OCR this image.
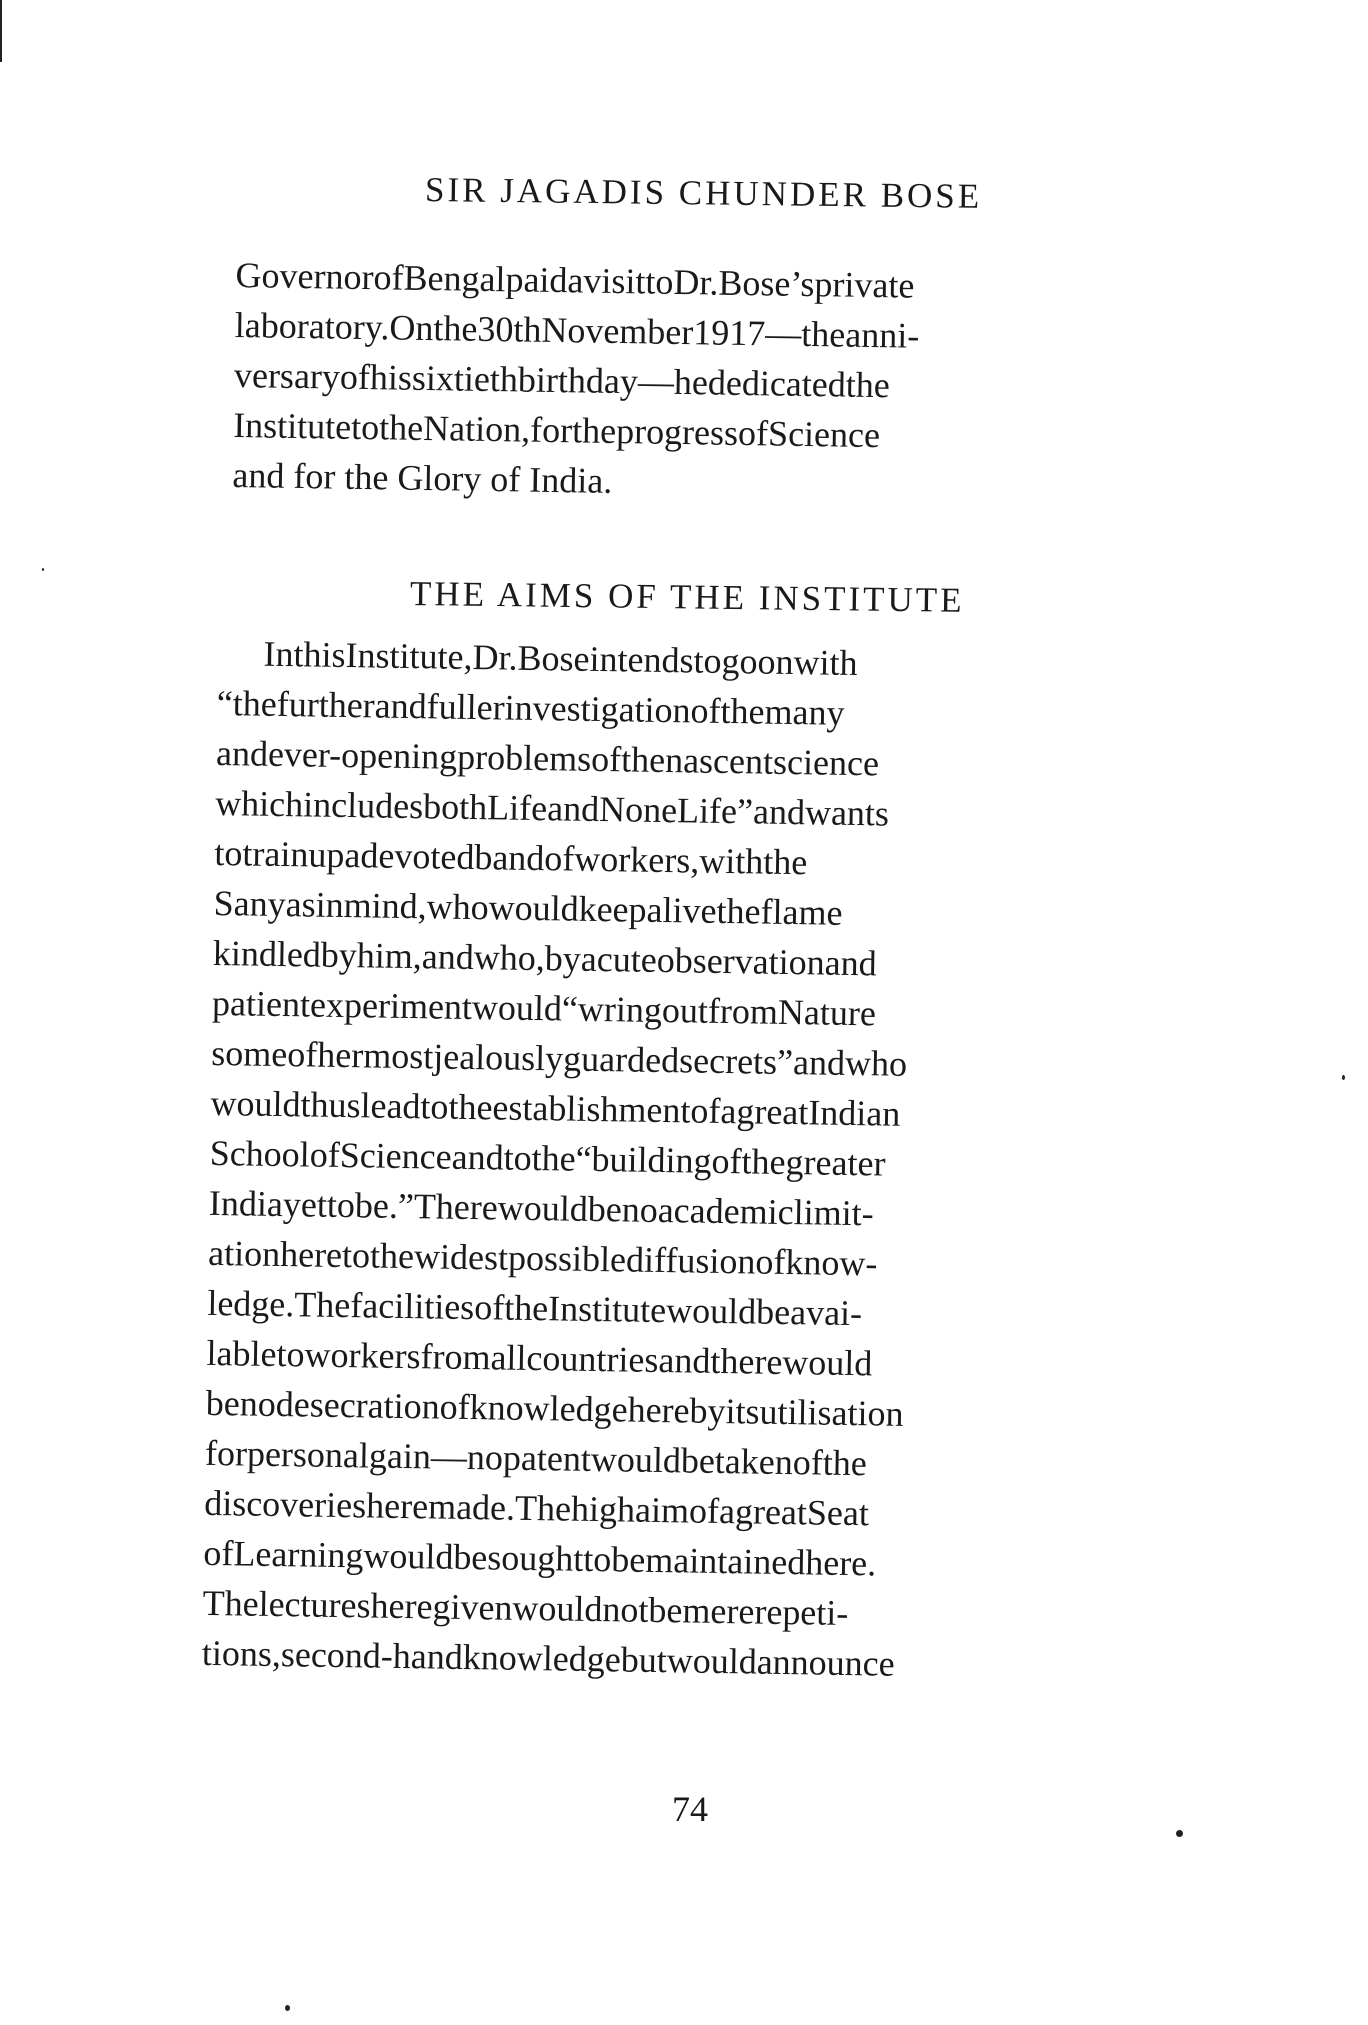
SIR JAGADIS CHUNDER BOSE
GovernorofBengalpaidavisittoDr.Bose’sprivate
laboratory.Onthe30thNovember1917—theanni-
versaryofhissixtiethbirthday—hededicatedthe
InstitutetotheNation,fortheprogressofScience
and for the Glory of India.
THE AIMS OF THE INSTITUTE
InthisInstitute,Dr.Boseintendstogoonwith
“thefurtherandfullerinvestigationofthemany
andever-openingproblemsofthenascentscience
whichincludesbothLifeandNoneLife”andwants
totrainupadevotedbandofworkers,withthe
Sanyasinmind,whowouldkeepalivetheflame
kindledbyhim,andwho,byacuteobservationand
patientexperimentwould“wringoutfromNature
someofhermostjealouslyguardedsecrets”andwho
wouldthusleadtotheestablishmentofagreatIndian
SchoolofScienceandtothe“buildingofthegreater
Indiayettobe.”Therewouldbenoacademiclimit-
ationheretothewidestpossiblediffusionofknow-
ledge.ThefacilitiesoftheInstitutewouldbeavai-
labletoworkersfromallcountriesandtherewould
benodesecrationofknowledgeherebyitsutilisation
forpersonalgain—nopatentwouldbetakenofthe
discoveriesheremade.ThehighaimofagreatSeat
ofLearningwouldbesoughttobemaintainedhere.
Thelecturesheregivenwouldnotbemererepeti-
tions,second-handknowledgebutwouldannounce
74
